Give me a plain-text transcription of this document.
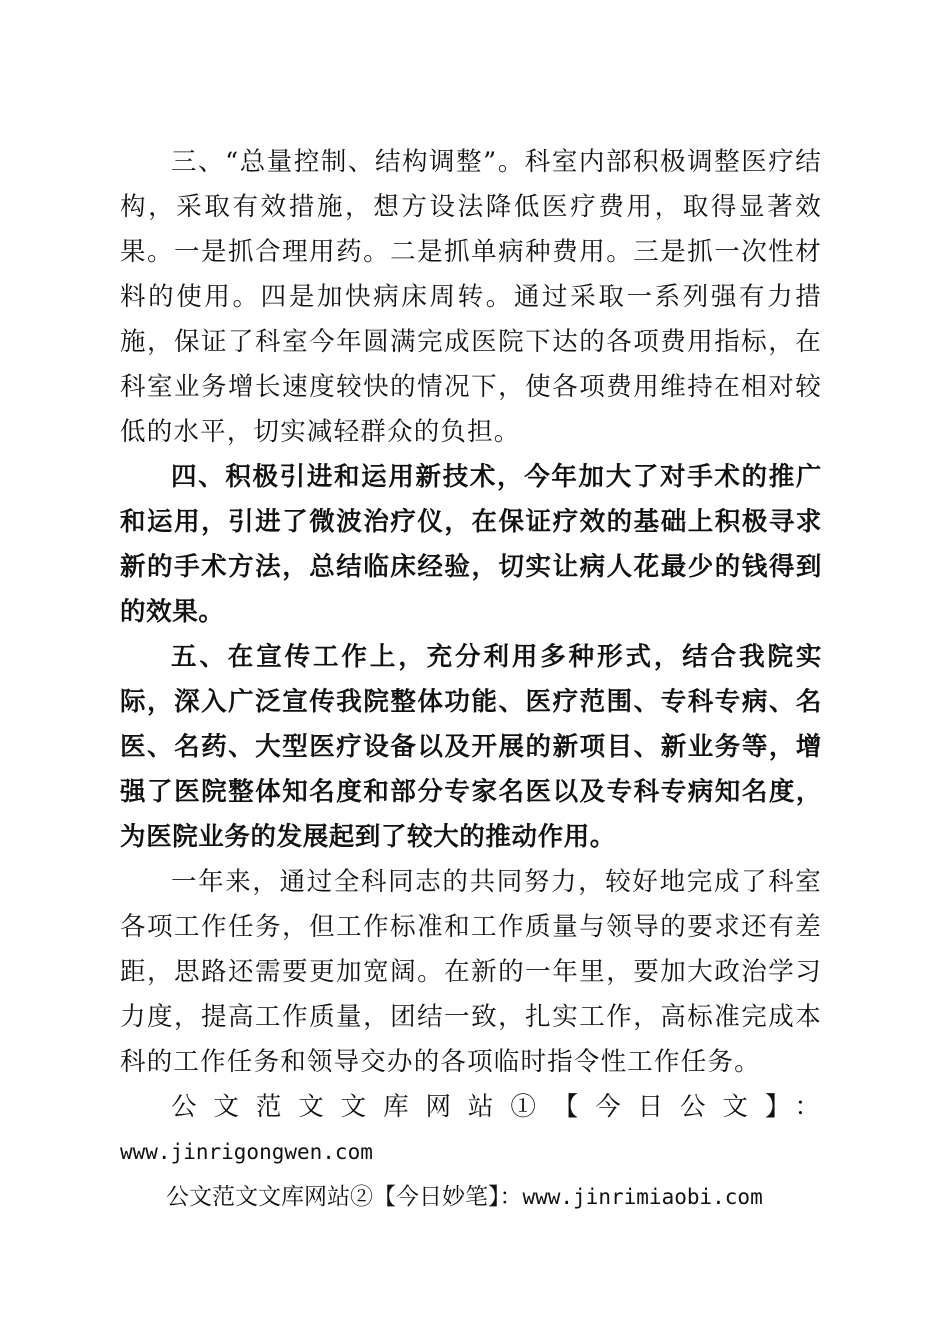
三、“总量控制、结构调整”。科室内部积极调整医疗结构，采取有效措施，想方设法降低医疗费用，取得显著效果。一是抓合理用药。二是抓单病种费用。三是抓一次性材料的使用。四是加快病床周转。通过采取一系列强有力措施，保证了科室今年圆满完成医院下达的各项费用指标，在科室业务增长速度较快的情况下，使各项费用维持在相对较低的水平，切实减轻群众的负担。

四、积极引进和运用新技术，今年加大了对手术的推广和运用，引进了微波治疗仪，在保证疗效的基础上积极寻求新的手术方法，总结临床经验，切实让病人花最少的钱得到的效果。

五、在宣传工作上，充分利用多种形式，结合我院实际，深入广泛宣传我院整体功能、医疗范围、专科专病、名医、名药、大型医疗设备以及开展的新项目、新业务等，增强了医院整体知名度和部分专家名医以及专科专病知名度，为医院业务的发展起到了较大的推动作用。

一年来，通过全科同志的共同努力，较好地完成了科室各项工作任务，但工作标准和工作质量与领导的要求还有差距，思路还需要更加宽阔。在新的一年里，要加大政治学习力度，提高工作质量，团结一致，扎实工作，高标准完成本科的工作任务和领导交办的各项临时指令性工作任务。

公文范文文库网站①【今日公文】：

www.jinrigongwen.com

公文范文文库网站②【今日妙笔】：www.jinrimiaobi.com
